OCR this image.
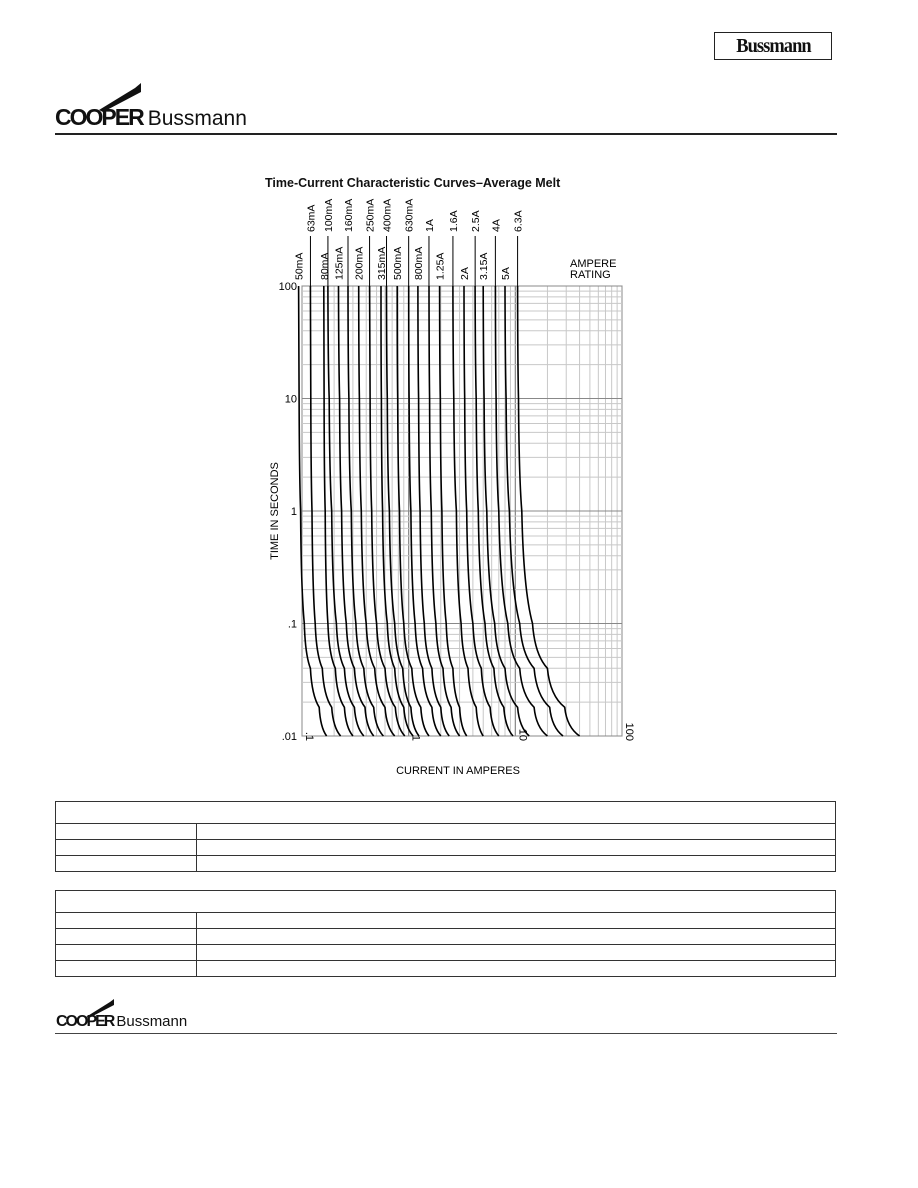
Bussmann
COOPER Bussmann
Time-Current Characteristic Curves–Average Melt
100
10
1
.1
.01 .1	1	10	100
50mA
63mA
80mA
100mA
125mA
160mA
200mA
250mA
315mA
400mA
500mA
630mA
800mA
1A
1.25A
1.6A
2A
2.5A
3.15A
4A
5A
6.3A
AMPERE
RATING
CURRENT IN AMPERES
TIME IN SECONDS
COOPER Bussmann
